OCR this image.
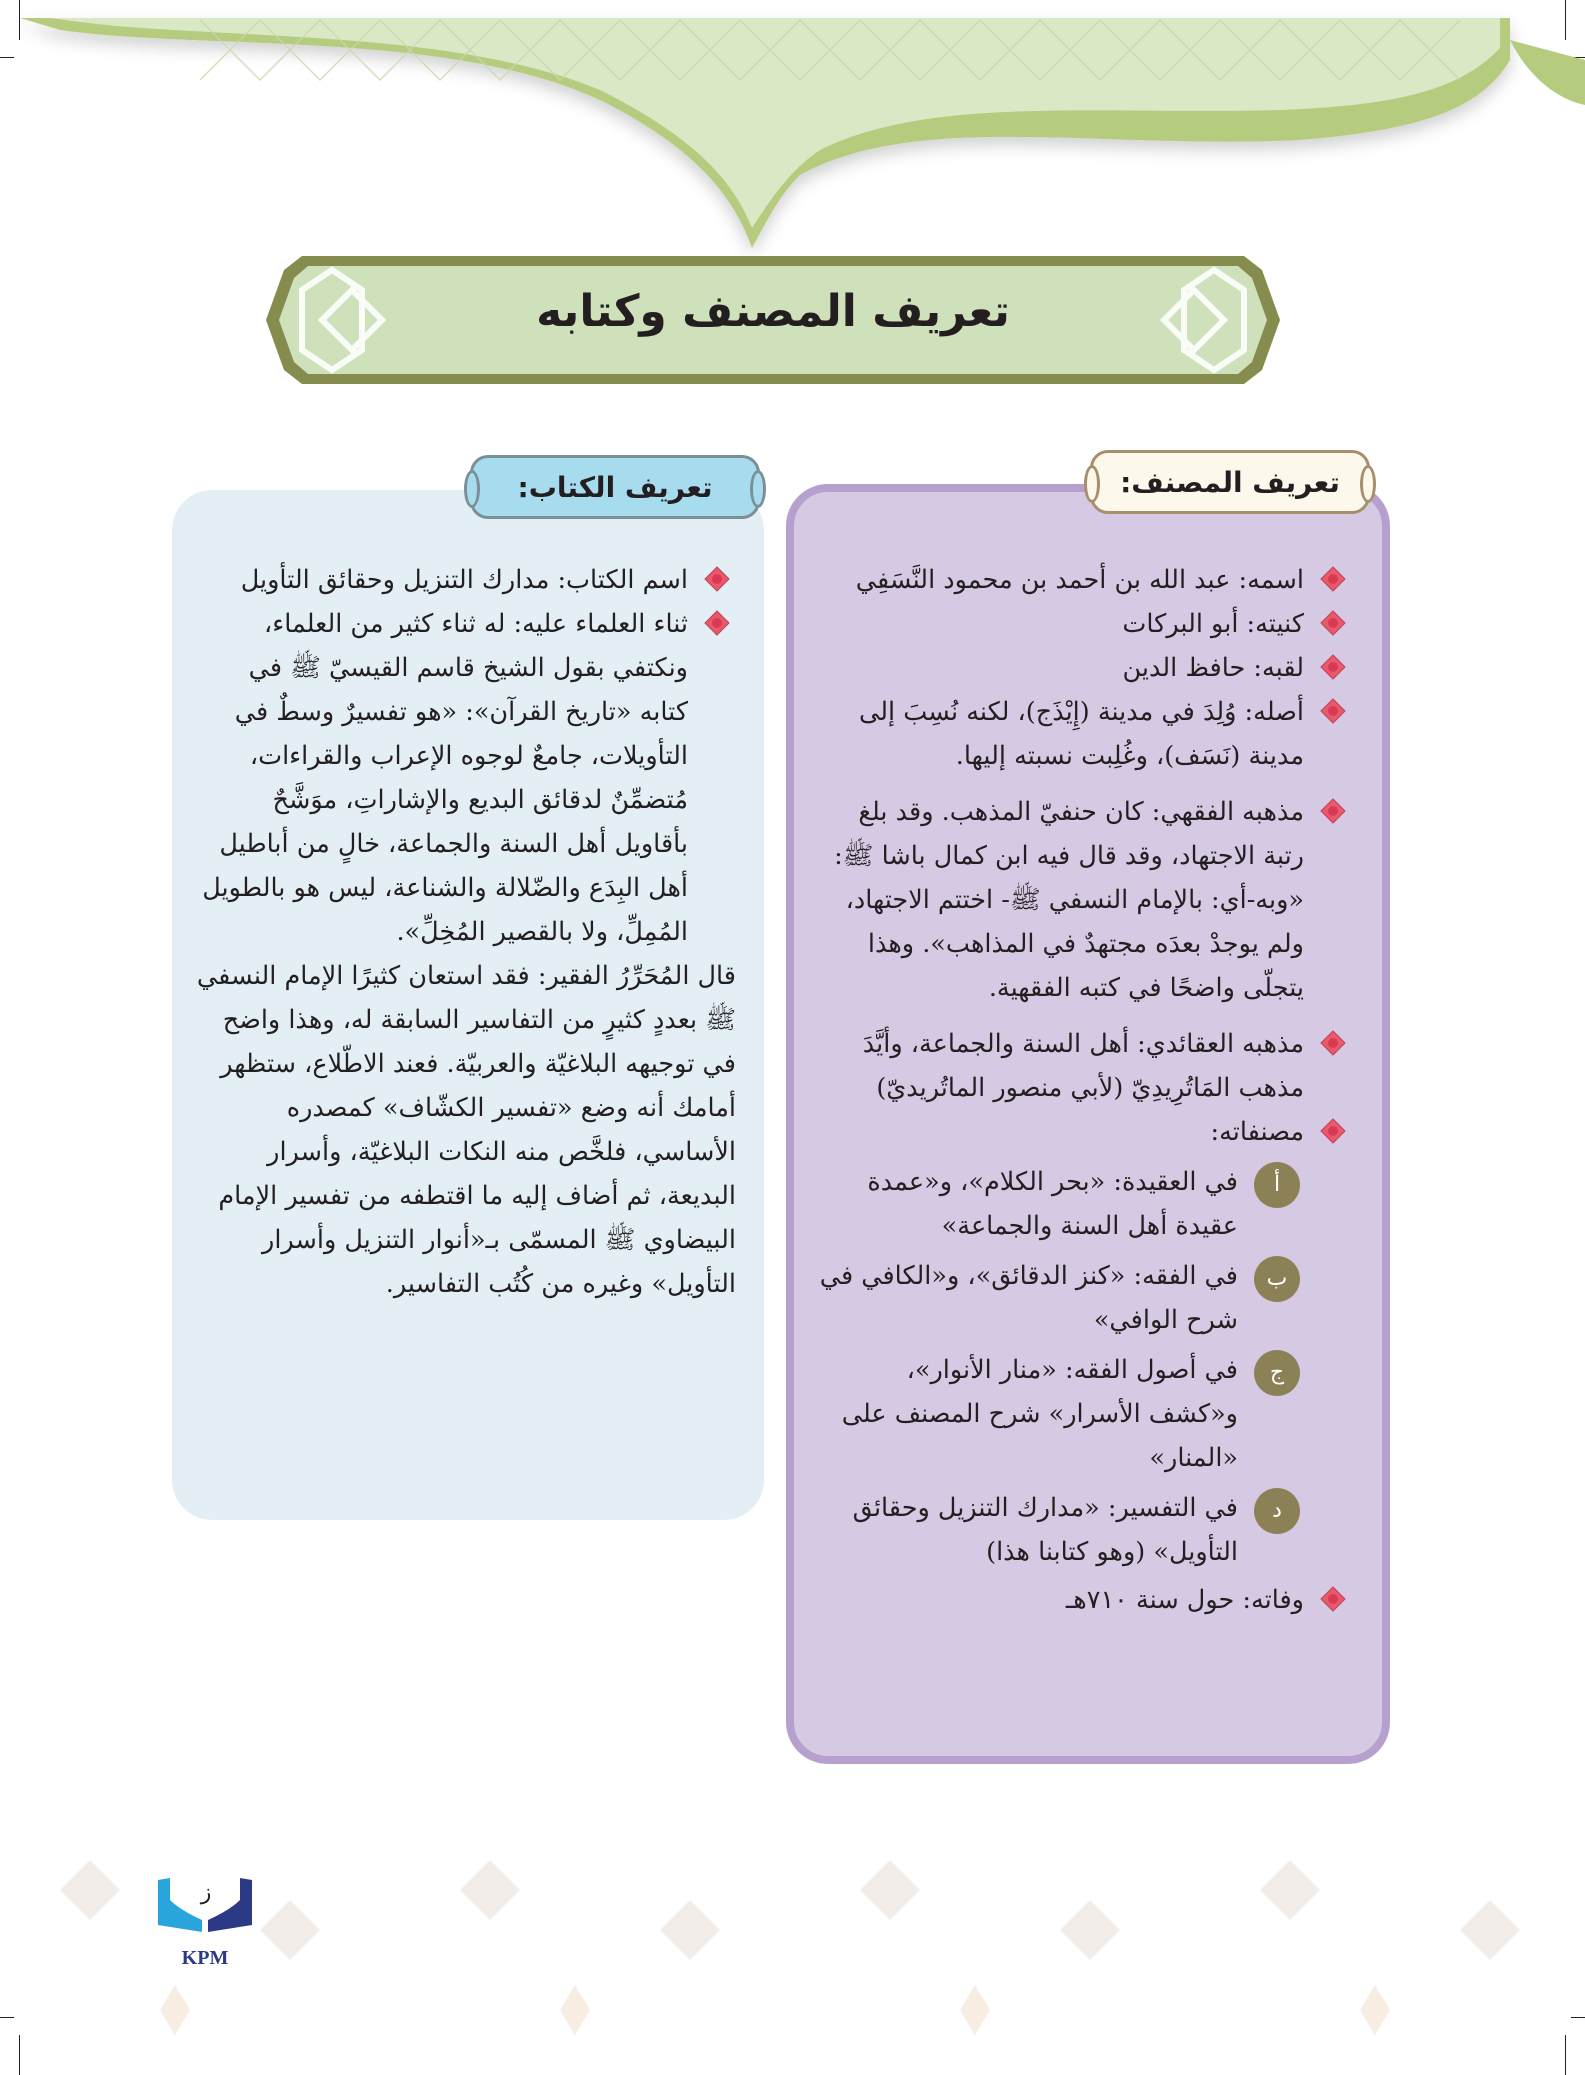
تعريف المصنف وكتابه
تعريف المصنف:
اسمه: عبد الله بن أحمد بن محمود النَّسَفِي
كنيته: أبو البركات
لقبه: حافظ الدين
أصله: وُلِدَ في مدينة (إِيْذَج)، لكنه نُسِبَ إلى مدينة (نَسَف)، وغُلِبت نسبته إليها.
مذهبه الفقهي: كان حنفيّ المذهب. وقد بلغ رتبة الاجتهاد، وقد قال فيه ابن كمال باشا ﷺ: «وبه-أي: بالإمام النسفي ﷺ- اختتم الاجتهاد، ولم يوجدْ بعدَه مجتهدٌ في المذاهب». وهذا يتجلّى واضحًا في كتبه الفقهية.
مذهبه العقائدي: أهل السنة والجماعة، وأيَّدَ مذهب المَاتُرِيدِيّ (لأبي منصور الماتُريديّ)
مصنفاته:
أ
في العقيدة: «بحر الكلام»، و«عمدة عقيدة أهل السنة والجماعة»
ب
في الفقه: «كنز الدقائق»، و«الكافي في شرح الوافي»
ج
في أصول الفقه: «منار الأنوار»، و«كشف الأسرار» شرح المصنف على «المنار»
د
في التفسير: «مدارك التنزيل وحقائق التأويل» (وهو كتابنا هذا)
وفاته: حول سنة ٧١٠هـ
تعريف الكتاب:
اسم الكتاب: مدارك التنزيل وحقائق التأويل
ثناء العلماء عليه: له ثناء كثير من العلماء، ونكتفي بقول الشيخ قاسم القيسيّ ﷺ في كتابه «تاريخ القرآن»: «هو تفسيرٌ وسطٌ في التأويلات، جامعٌ لوجوه الإعراب والقراءات، مُتضمِّنٌ لدقائق البديع والإشاراتِ، موَشَّحٌ بأقاويل أهل السنة والجماعة، خالٍ من أباطيل أهل البِدَع والضّلالة والشناعة، ليس هو بالطويل المُمِلِّ، ولا بالقصير المُخِلِّ».
قال المُحَرِّرُ الفقير: فقد استعان كثيرًا الإمام النسفي ﷺ بعددٍ كثيرٍ من التفاسير السابقة له، وهذا واضح في توجيهه البلاغيّة والعربيّة. فعند الاطّلاع، ستظهر أمامك أنه وضع «تفسير الكشّاف» كمصدره الأساسي، فلخَّص منه النكات البلاغيّة، وأسرار البديعة، ثم أضاف إليه ما اقتطفه من تفسير الإمام البيضاوي ﷺ المسمّى بـ«أنوار التنزيل وأسرار التأويل» وغيره من كُتُب التفاسير.
ز
KPM
